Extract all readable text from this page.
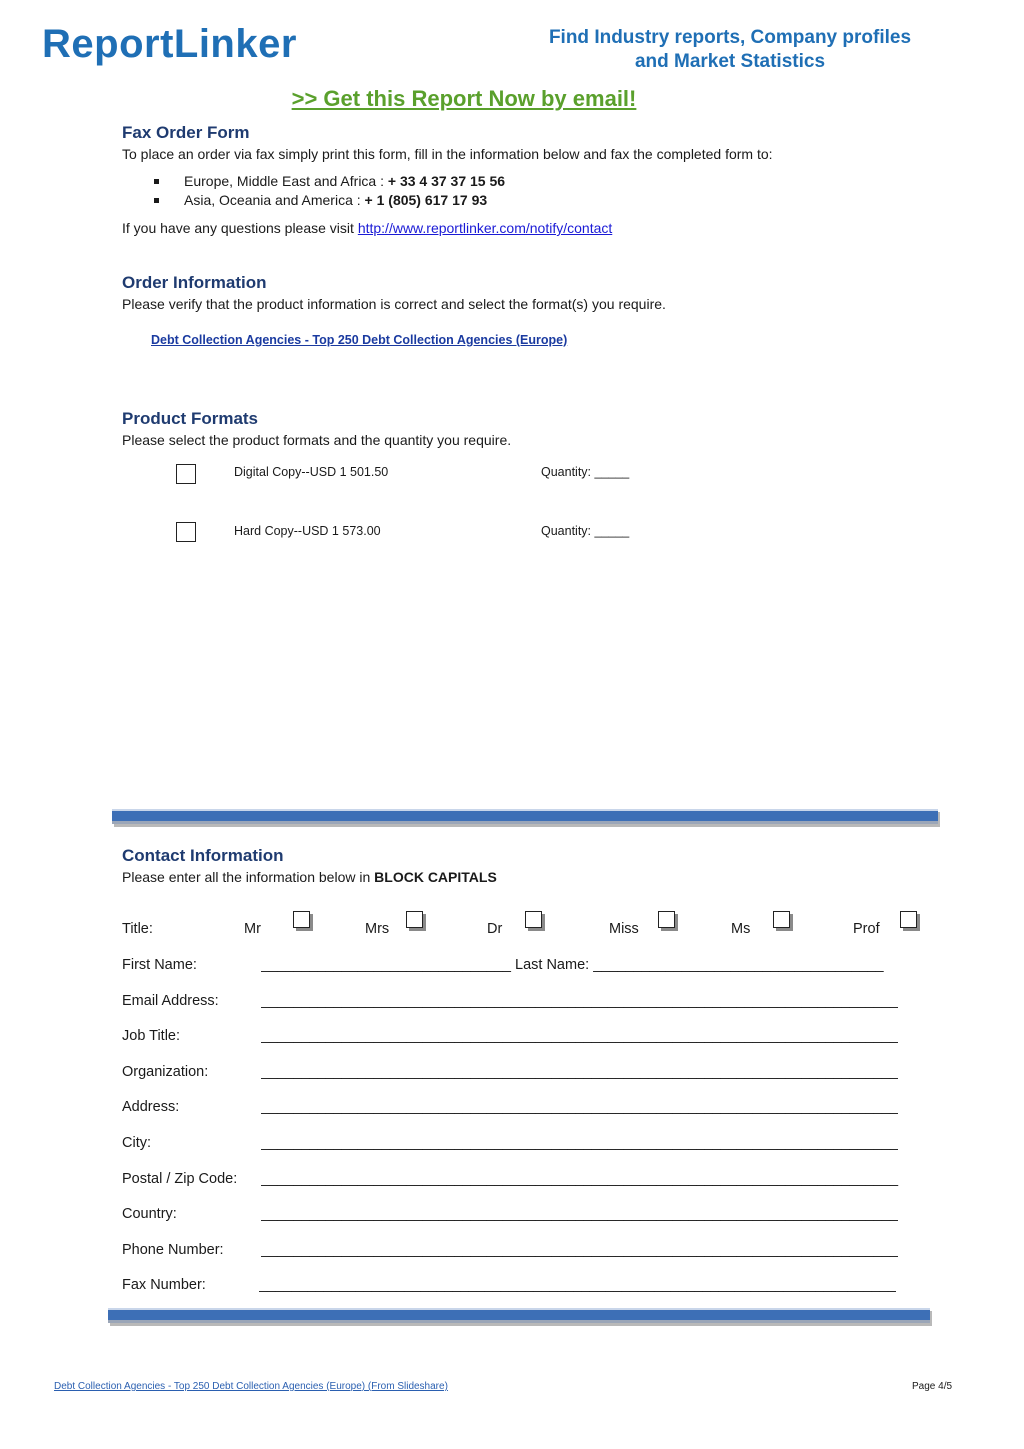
ReportLinker	Find Industry reports, Company profiles
and Market Statistics
>> Get this Report Now by email!
Fax Order Form
To place an order via fax simply print this form, fill in the information below and fax the completed form to:
Europe, Middle East and Africa : + 33 4 37 37 15 56
Asia, Oceania and America : + 1 (805) 617 17 93
If you have any questions please visit http://www.reportlinker.com/notify/contact
Order Information
Please verify that the product information is correct and select the format(s) you require.
Debt Collection Agencies - Top 250 Debt Collection Agencies (Europe)
Product Formats
Please select the product formats and the quantity you require.
Digital Copy--USD 1 501.50	Quantity: _____
Hard Copy--USD 1 573.00	Quantity: _____
Contact Information
Please enter all the information below in BLOCK CAPITALS
Title:	Mr	Mrs	Dr	Miss	Ms	Prof
First Name:	_______________________________ Last Name: ____________________________________
Email Address:	_______________________________________________________________________________
Job Title:	_______________________________________________________________________________
Organization:	_______________________________________________________________________________
Address:	_______________________________________________________________________________
City:	_______________________________________________________________________________
Postal / Zip Code: _______________________________________________________________________________
Country:	_______________________________________________________________________________
Phone Number:	_______________________________________________________________________________
Fax Number:	_______________________________________________________________________________
Debt Collection Agencies - Top 250 Debt Collection Agencies (Europe) (From Slideshare)	Page 4/5
